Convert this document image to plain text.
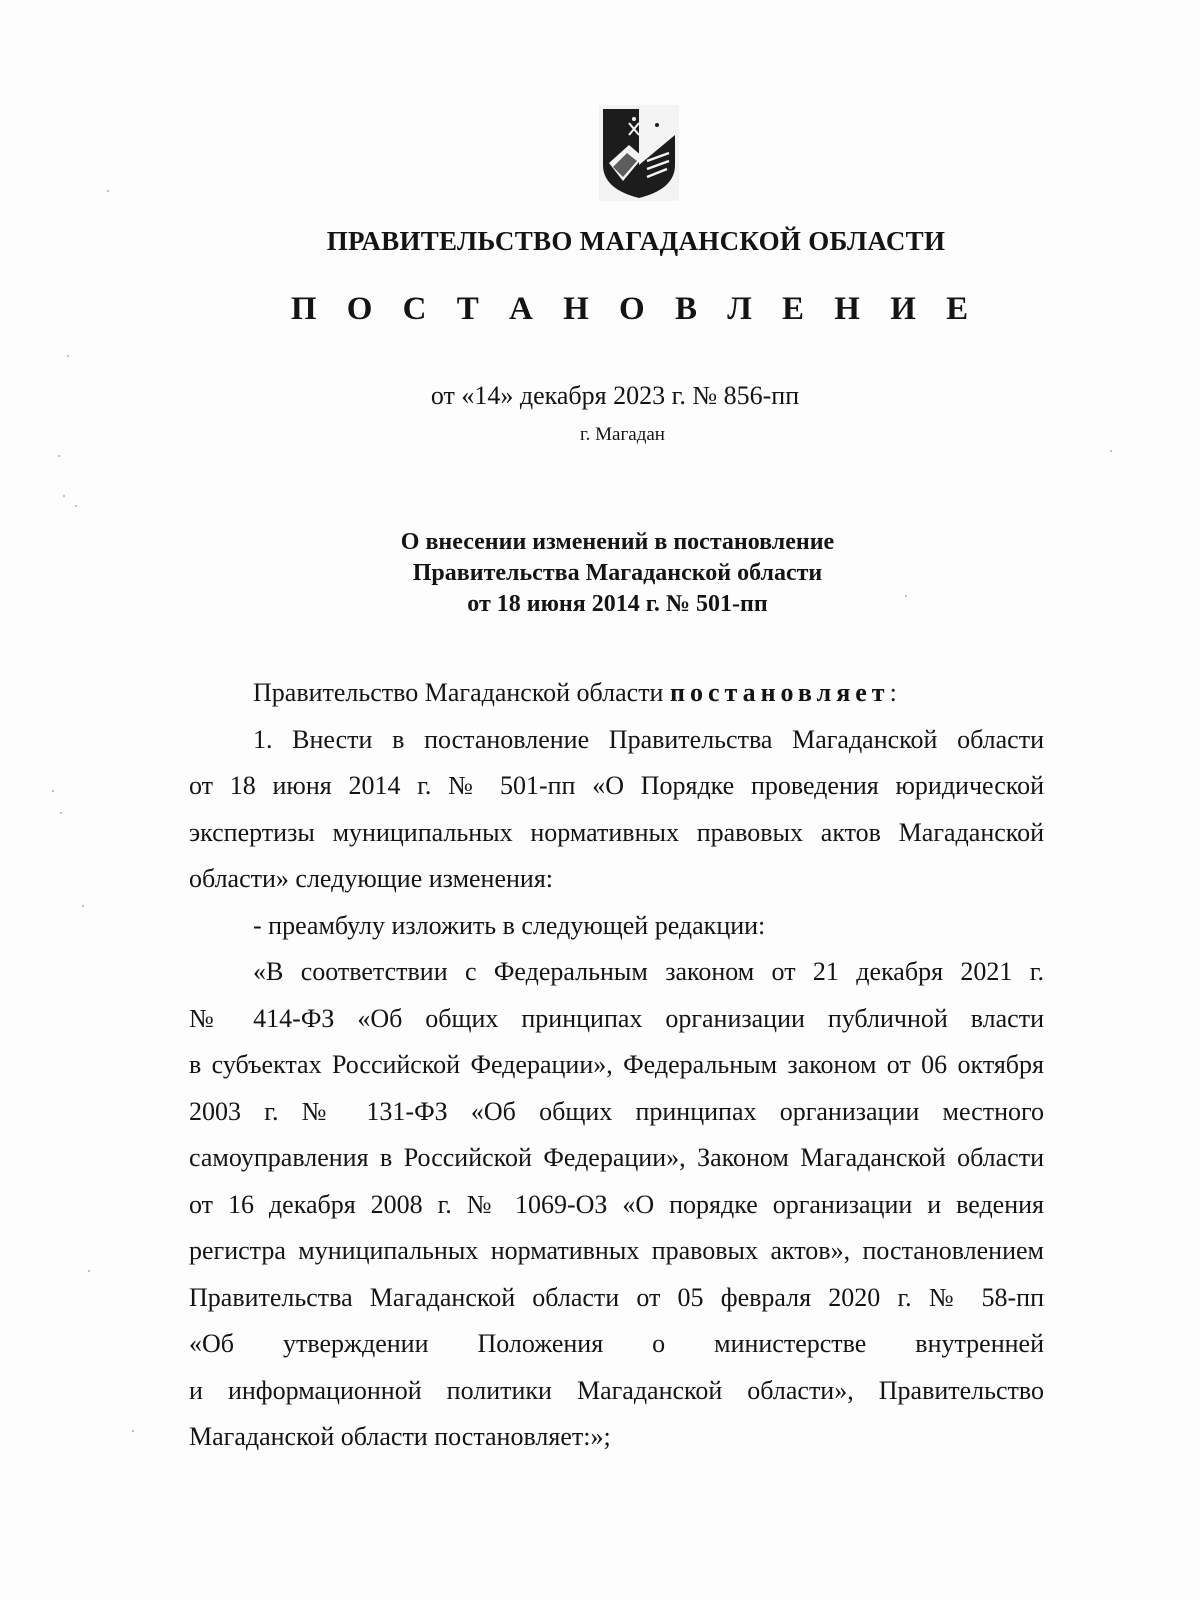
ПРАВИТЕЛЬСТВО МАГАДАНСКОЙ ОБЛАСТИ
П О С Т А Н О В Л Е Н И Е
от «14» декабря 2023 г. № 856-пп
г. Магадан
О внесении изменений в постановление
Правительства Магаданской области
от 18 июня 2014 г. № 501-пп
Правительство Магаданской области постановляет:
1. Внести в постановление Правительства Магаданской области
от 18 июня 2014 г. № 501-пп «О Порядке проведения юридической
экспертизы муниципальных нормативных правовых актов Магаданской
области» следующие изменения:
- преамбулу изложить в следующей редакции:
«В соответствии с Федеральным законом от 21 декабря 2021 г.
№ 414-ФЗ «Об общих принципах организации публичной власти
в субъектах Российской Федерации», Федеральным законом от 06 октября
2003 г. № 131-ФЗ «Об общих принципах организации местного
самоуправления в Российской Федерации», Законом Магаданской области
от 16 декабря 2008 г. № 1069-ОЗ «О порядке организации и ведения
регистра муниципальных нормативных правовых актов», постановлением
Правительства Магаданской области от 05 февраля 2020 г. № 58-пп
«Об утверждении Положения о министерстве внутренней
и информационной политики Магаданской области», Правительство
Магаданской области постановляет:»;
